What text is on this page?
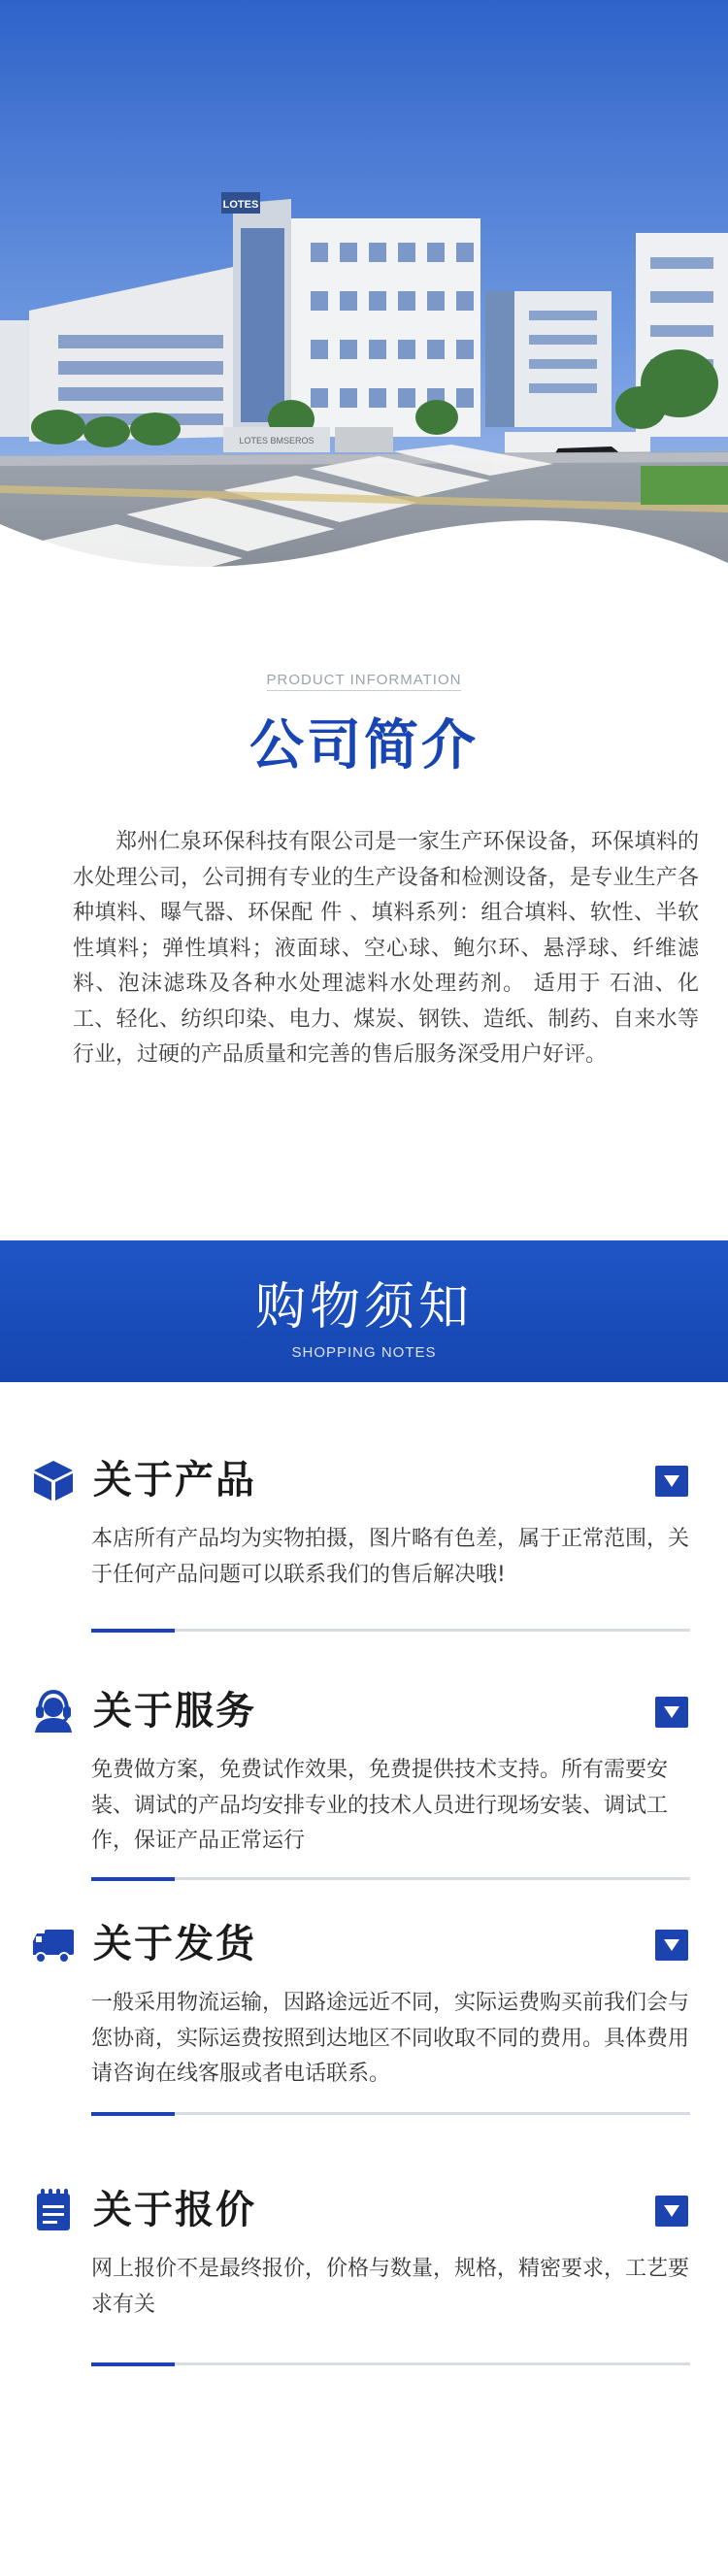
LOTES
LOTES BMSEROS
PRODUCT INFORMATION
公司简介
郑州仁泉环保科技有限公司是一家生产环保设备，环保填料的水处理公司，公司拥有专业的生产设备和检测设备，是专业生产各种填料、曝气器、环保配 件 、填料系列：组合填料、软性、半软性填料；弹性填料；液面球、空心球、鲍尔环、悬浮球、纤维滤料、泡沫滤珠及各种水处理滤料水处理药剂。 适用于 石油、化工、轻化、纺织印染、电力、煤炭、钢铁、造纸、制药、自来水等行业，过硬的产品质量和完善的售后服务深受用户好评。
购物须知
SHOPPING NOTES
关于产品
本店所有产品均为实物拍摄，图片略有色差，属于正常范围，关于任何产品问题可以联系我们的售后解决哦!
关于服务
免费做方案，免费试作效果，免费提供技术支持。所有需要安装、调试的产品均安排专业的技术人员进行现场安装、调试工作，保证产品正常运行
关于发货
一般采用物流运输，因路途远近不同，实际运费购买前我们会与您协商，实际运费按照到达地区不同收取不同的费用。具体费用请咨询在线客服或者电话联系。
关于报价
网上报价不是最终报价，价格与数量，规格，精密要求，工艺要求有关
